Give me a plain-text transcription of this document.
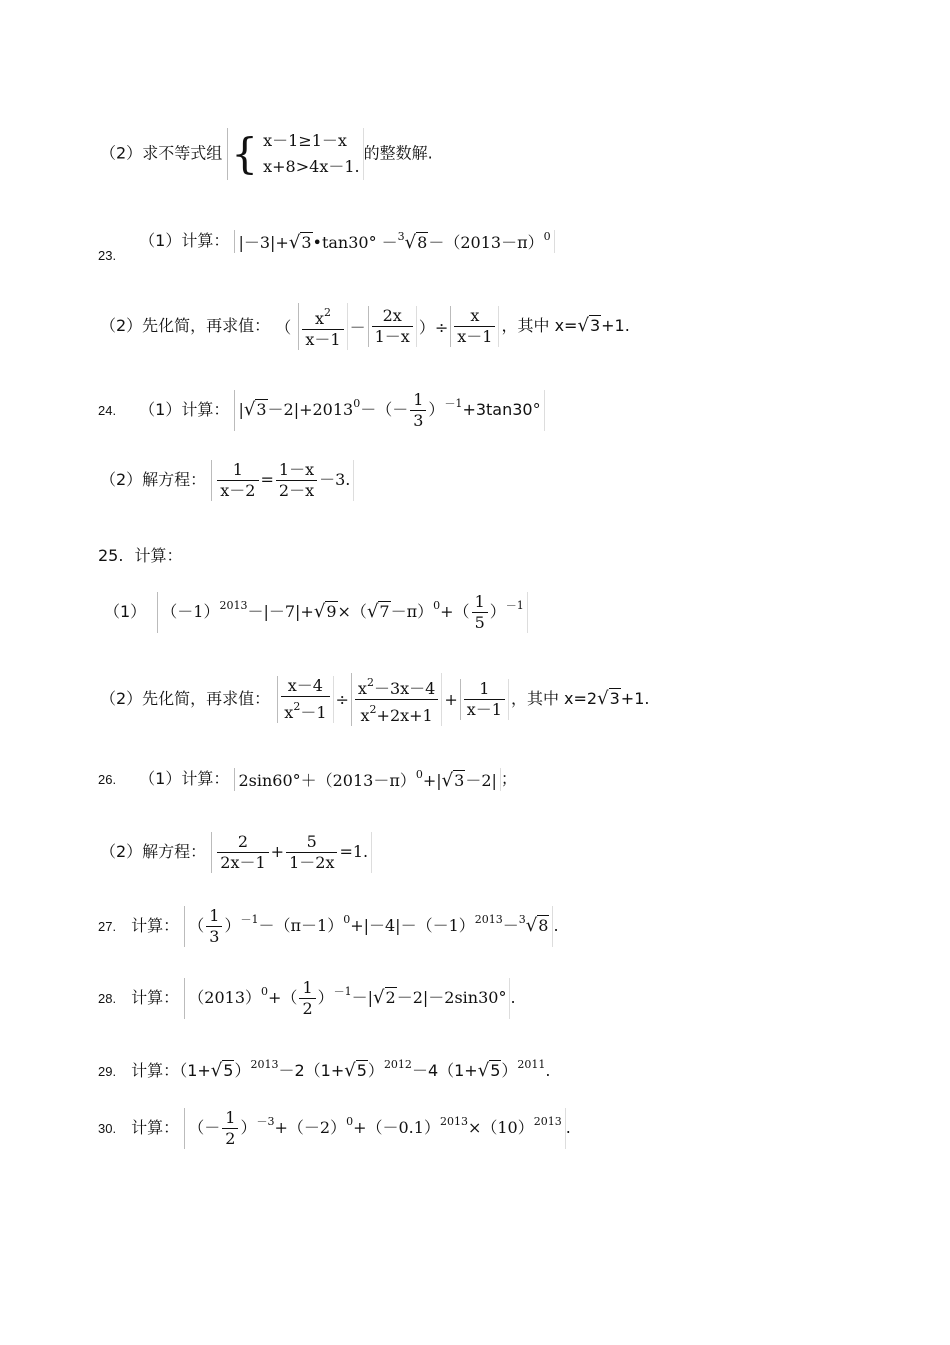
（2）求不等式组 { x－1≥1－x
x+8>4x－1.
的整数解.
$_{23.}$ （1）计算： |－3|+√3•tan30° $-^3√8-(2013-\pi)^0$
（2）先化简，再求值： （ $\frac{x^2}{x-1} - \frac{2x}{1-x}$ ）÷ $\frac{x}{x-1}$ ，其中 x=√3+1.
24. （1）计算： $|√3-2|+2013^0-(- \frac{1}{3} )^{-1}+3\tan 30^\circ$
（2）解方程： $\frac{1}{x-2} = \frac{1-x}{2-x} -3$.
25. 计算：
（1） $(-1)^{2013}-|-7|+√9\times(√7-\pi)^0+( \frac{1}{5} )^{-1}$
（2）先化简，再求值： $\frac{x-4}{x^2-1} \div \frac{x^2-3x-4}{x^2+2x+1} + \frac{1}{x-1}$ ，其中 x=2√3+1.
26. （1）计算： $2\sin 60^\circ+(2013-\pi)^0+|√3-2|$ ；
（2）解方程： $\frac{2}{2x-1} + \frac{5}{1-2x} =1$.
27. 计算： （ $\frac{1}{3} )^{-1}-(\pi-1)^0+|-4|-(-1)^{2013}-^3√8$ .
28. 计算： $(2013)^0+( \frac{1}{2} )^{-1}-|√2-2|-2\sin 30^\circ$ .
29. 计算：$(1+√5)^{2013}-2(1+√5)^{2012}-4(1+√5)^{2011}$.
30. 计算： （－ $\frac{1}{2} )^{-3}+(-2)^0+(-0.1)^{2013}\times(10)^{2013}$ .
